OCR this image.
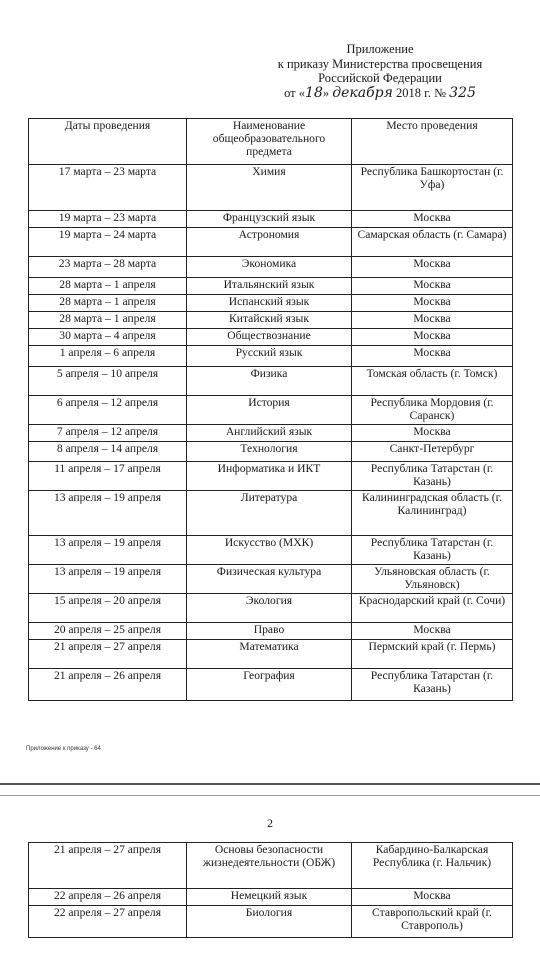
Приложение
к приказу Министерства просвещения
Российской Федерации
от «18» декабря 2018 г. № 325
Даты проведения	Наименование общеобразовательного предмета	Место проведения
17 марта – 23 марта	Химия	Республика Башкортостан (г. Уфа)
19 марта – 23 марта	Французский язык	Москва
19 марта – 24 марта	Астрономия	Самарская область (г. Самара)
23 марта – 28 марта	Экономика	Москва
28 марта – 1 апреля	Итальянский язык	Москва
28 марта – 1 апреля	Испанский язык	Москва
28 марта – 1 апреля	Китайский язык	Москва
30 марта – 4 апреля	Обществознание	Москва
1 апреля – 6 апреля	Русский язык	Москва
5 апреля – 10 апреля	Физика	Томская область (г. Томск)
6 апреля – 12 апреля	История	Республика Мордовия (г. Саранск)
7 апреля – 12 апреля	Английский язык	Москва
8 апреля – 14 апреля	Технология	Санкт-Петербург
11 апреля – 17 апреля	Информатика и ИКТ	Республика Татарстан (г. Казань)
13 апреля – 19 апреля	Литература	Калининградская область (г. Калининград)
13 апреля – 19 апреля	Искусство (МХК)	Республика Татарстан (г. Казань)
13 апреля – 19 апреля	Физическая культура	Ульяновская область (г. Ульяновск)
15 апреля – 20 апреля	Экология	Краснодарский край (г. Сочи)
20 апреля – 25 апреля	Право	Москва
21 апреля – 27 апреля	Математика	Пермский край (г. Пермь)
21 апреля – 26 апреля	География	Республика Татарстан (г. Казань)
Приложение к приказу - 64
2
21 апреля – 27 апреля	Основы безопасности жизнедеятельности (ОБЖ)	Кабардино-Балкарская Республика (г. Нальчик)
22 апреля – 26 апреля	Немецкий язык	Москва
22 апреля – 27 апреля	Биология	Ставропольский край (г. Ставрополь)
